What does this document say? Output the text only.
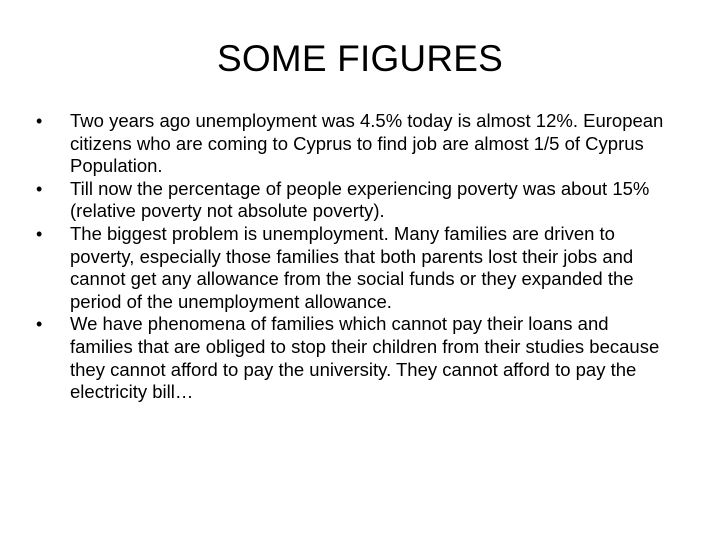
SOME FIGURES
•	Two years ago unemployment was 4.5% today is almost 12%. European citizens who are coming to Cyprus to find job are almost 1/5 of Cyprus Population.
•	Till now the percentage of people experiencing poverty was about 15% (relative poverty not absolute poverty).
•	The biggest problem is unemployment. Many families are driven to poverty, especially those families that both parents lost their jobs and cannot get any allowance from the social funds or they expanded the period of the unemployment allowance.
•	We have phenomena of families which cannot pay their loans and families that are obliged to stop their children from their studies because they cannot afford to pay the university. They cannot afford to pay the electricity bill…
